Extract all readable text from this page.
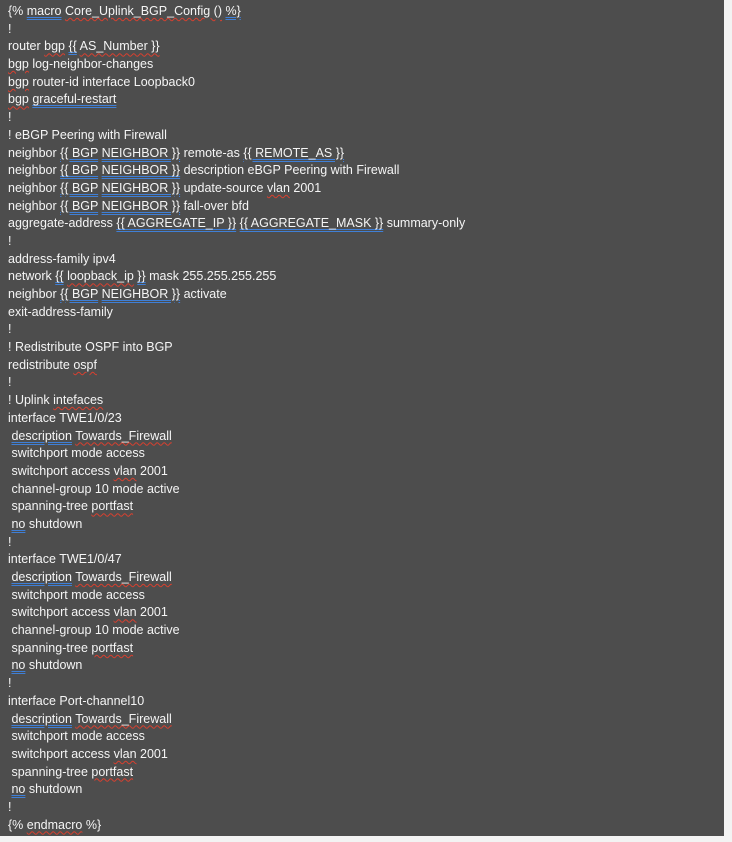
{% macro Core_Uplink_BGP_Config () %}
!
router bgp {{ AS_Number }}
bgp log-neighbor-changes
bgp router-id interface Loopback0
bgp graceful-restart
!
! eBGP Peering with Firewall
neighbor {{ BGP NEIGHBOR }} remote-as {{ REMOTE_AS }}
neighbor {{ BGP NEIGHBOR }} description eBGP Peering with Firewall
neighbor {{ BGP NEIGHBOR }} update-source vlan 2001
neighbor {{ BGP NEIGHBOR }} fall-over bfd
aggregate-address {{ AGGREGATE_IP }} {{ AGGREGATE_MASK }} summary-only
!
address-family ipv4
network {{ loopback_ip }} mask 255.255.255.255
neighbor {{ BGP NEIGHBOR }} activate
exit-address-family
!
! Redistribute OSPF into BGP
redistribute ospf
!
! Uplink intefaces
interface TWE1/0/23
description Towards_Firewall
switchport mode access
switchport access vlan 2001
channel-group 10 mode active
spanning-tree portfast
no shutdown
!
interface TWE1/0/47
description Towards_Firewall
switchport mode access
switchport access vlan 2001
channel-group 10 mode active
spanning-tree portfast
no shutdown
!
interface Port-channel10
description Towards_Firewall
switchport mode access
switchport access vlan 2001
spanning-tree portfast
no shutdown
!
{% endmacro %}
